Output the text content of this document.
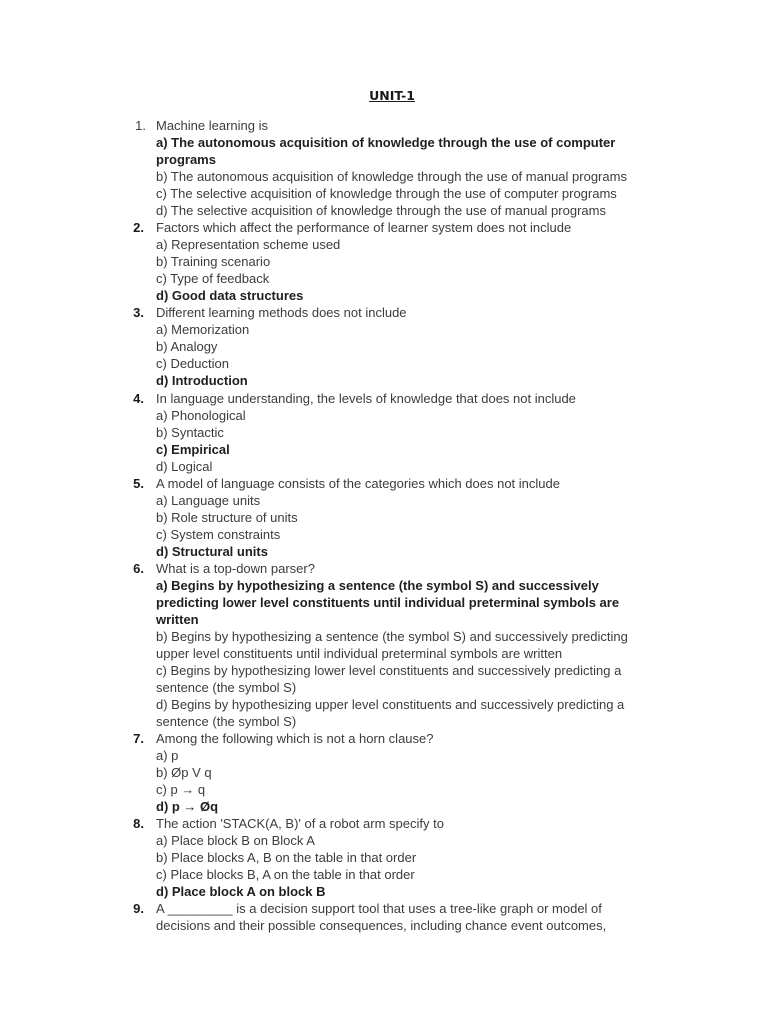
UNIT-1
1. Machine learning is
a) The autonomous acquisition of knowledge through the use of computer programs
b) The autonomous acquisition of knowledge through the use of manual programs
c) The selective acquisition of knowledge through the use of computer programs
d) The selective acquisition of knowledge through the use of manual programs
2. Factors which affect the performance of learner system does not include
a) Representation scheme used
b) Training scenario
c) Type of feedback
d) Good data structures
3. Different learning methods does not include
a) Memorization
b) Analogy
c) Deduction
d) Introduction
4. In language understanding, the levels of knowledge that does not include
a) Phonological
b) Syntactic
c) Empirical
d) Logical
5. A model of language consists of the categories which does not include
a) Language units
b) Role structure of units
c) System constraints
d) Structural units
6. What is a top-down parser?
a) Begins by hypothesizing a sentence (the symbol S) and successively predicting lower level constituents until individual preterminal symbols are written
b) Begins by hypothesizing a sentence (the symbol S) and successively predicting upper level constituents until individual preterminal symbols are written
c) Begins by hypothesizing lower level constituents and successively predicting a sentence (the symbol S)
d) Begins by hypothesizing upper level constituents and successively predicting a sentence (the symbol S)
7. Among the following which is not a horn clause?
a) p
b) Øp V q
c) p → q
d) p → Øq
8. The action 'STACK(A, B)' of a robot arm specify to
a) Place block B on Block A
b) Place blocks A, B on the table in that order
c) Place blocks B, A on the table in that order
d) Place block A on block B
9. A _________ is a decision support tool that uses a tree-like graph or model of decisions and their possible consequences, including chance event outcomes,
